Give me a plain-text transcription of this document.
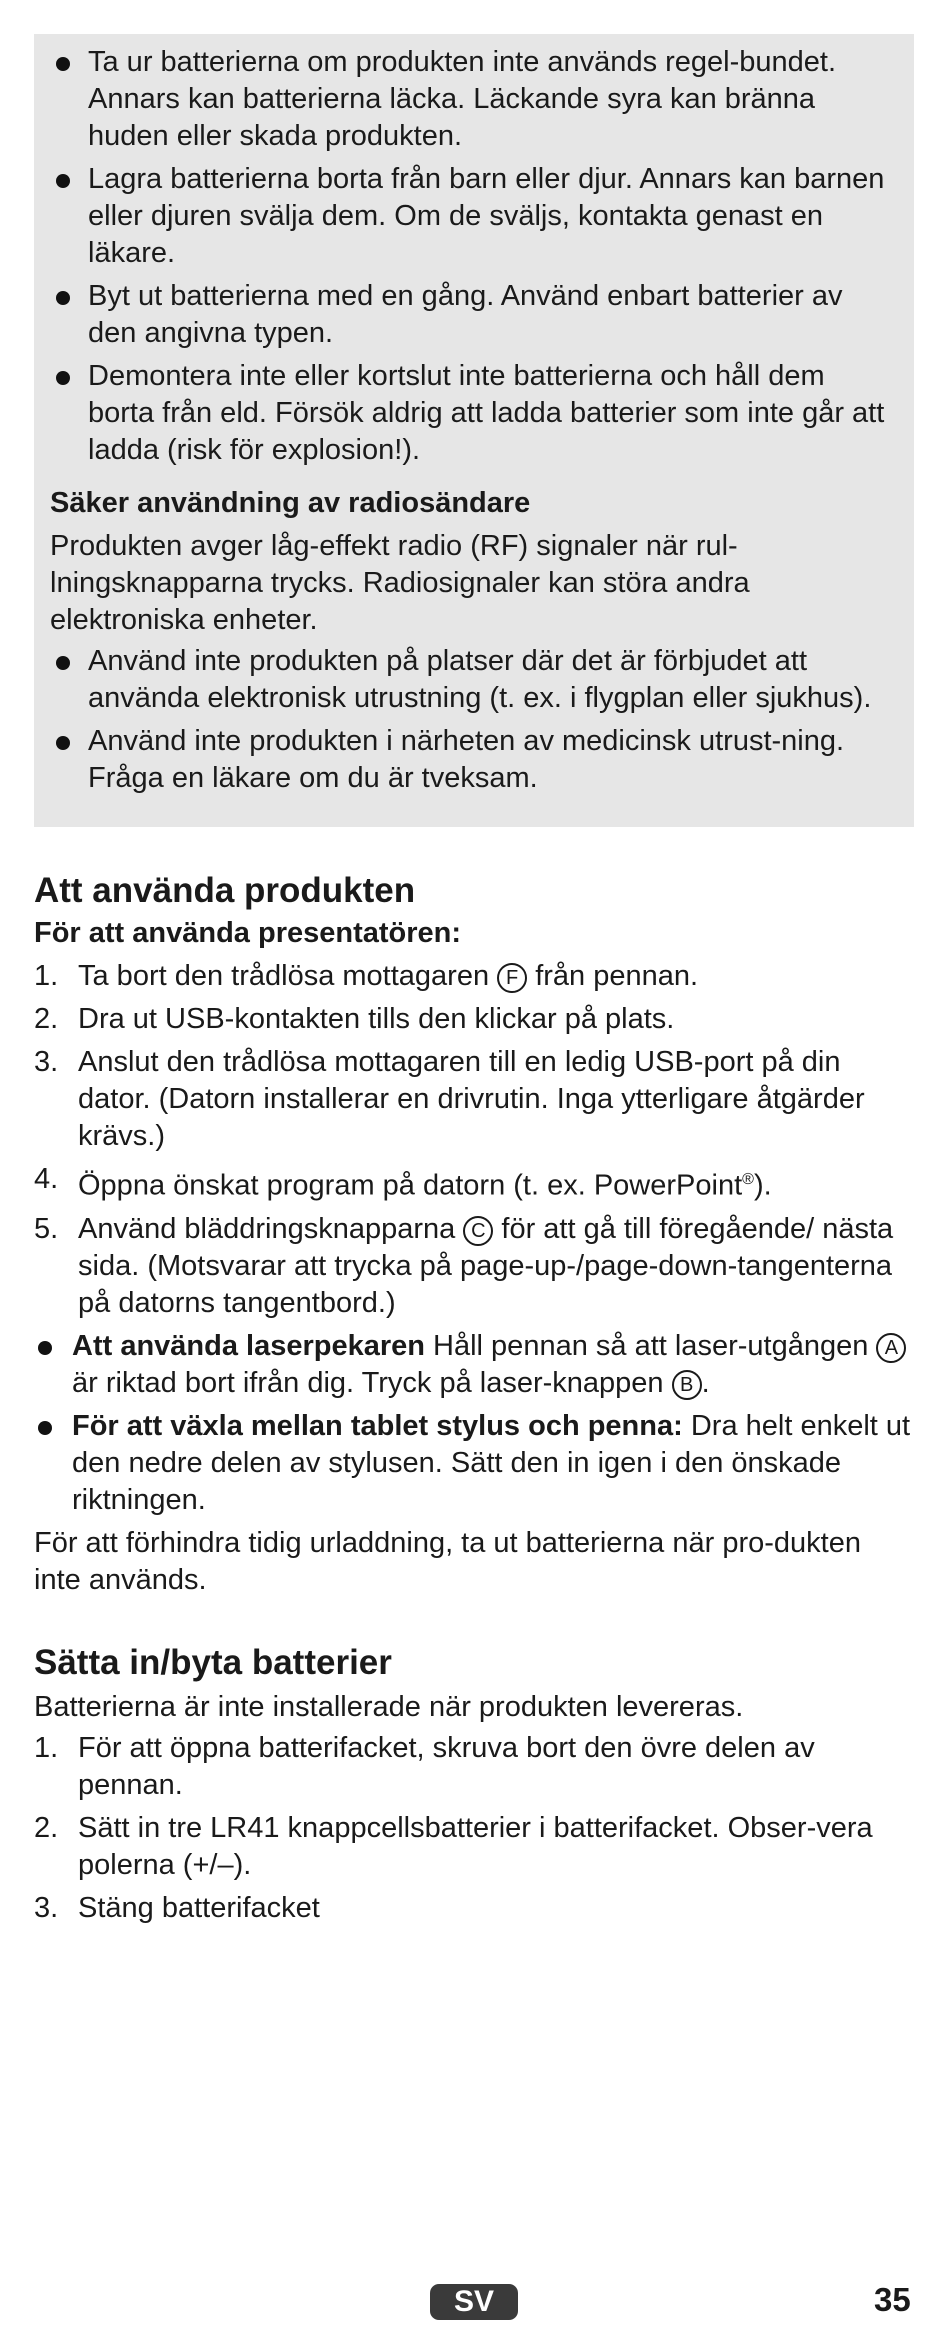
Ta ur batterierna om produkten inte används regel-bundet. Annars kan batterierna läcka. Läckande syra kan bränna huden eller skada produkten.
Lagra batterierna borta från barn eller djur. Annars kan barnen eller djuren svälja dem. Om de sväljs, kontakta genast en läkare.
Byt ut batterierna med en gång. Använd enbart batterier av den angivna typen.
Demontera inte eller kortslut inte batterierna och håll dem borta från eld. Försök aldrig att ladda batterier som inte går att ladda (risk för explosion!).
Säker användning av radiosändare

Produkten avger låg-effekt radio (RF) signaler när rul-lningsknapparna trycks. Radiosignaler kan störa andra elektroniska enheter.

Använd inte produkten på platser där det är förbjudet att använda elektronisk utrustning (t. ex. i flygplan eller sjukhus).
Använd inte produkten i närheten av medicinsk utrust-ning. Fråga en läkare om du är tveksam.
Att använda produkten
För att använda presentatören:
1. Ta bort den trådlösa mottagaren F från pennan.
2. Dra ut USB-kontakten tills den klickar på plats.
3. Anslut den trådlösa mottagaren till en ledig USB-port på din dator. (Datorn installerar en drivrutin. Inga ytterligare åtgärder krävs.)
4. Öppna önskat program på datorn (t. ex. PowerPoint®).
5. Använd bläddringsknapparna C för att gå till föregående/ nästa sida. (Motsvarar att trycka på page-up-/page-down-tangenterna på datorns tangentbord.)
Att använda laserpekaren Håll pennan så att laser-utgången A är riktad bort ifrån dig. Tryck på laser-knappen B .
För att växla mellan tablet stylus och penna: Dra helt enkelt ut den nedre delen av stylusen. Sätt den in igen i den önskade riktningen.

För att förhindra tidig urladdning, ta ut batterierna när pro-dukten inte används.

Sätta in/byta batterier

Batterierna är inte installerade när produkten levereras.

1. För att öppna batterifacket, skruva bort den övre delen av pennan.
2. Sätt in tre LR41 knappcellsbatterier i batterifacket. Obser-vera polerna (+/–).
3. Stäng batterifacket
SV	35
